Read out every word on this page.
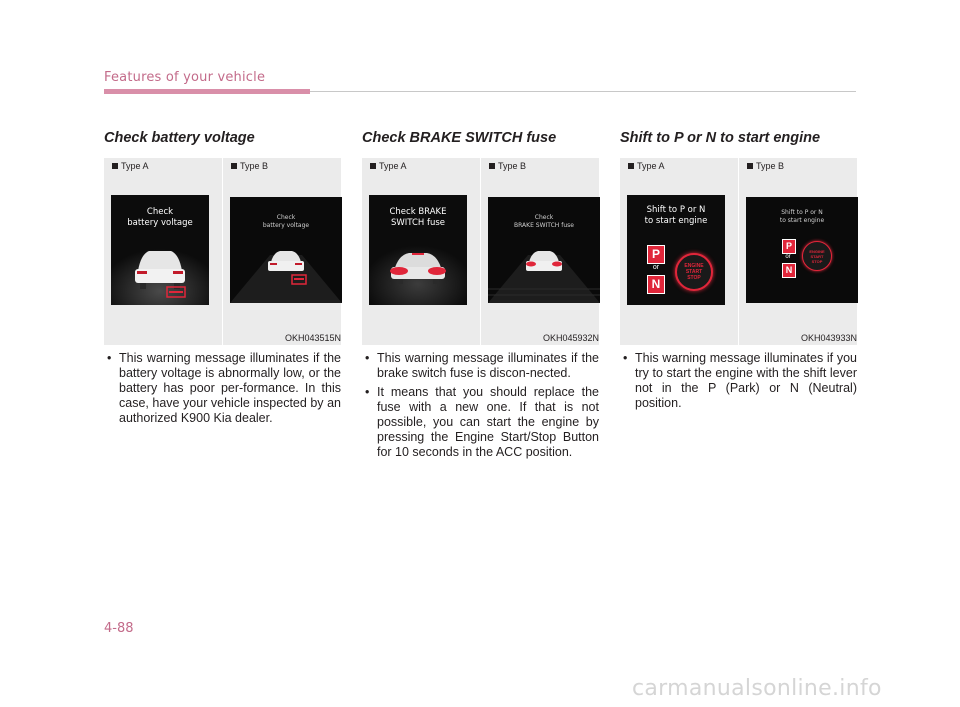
Features of your vehicle
Check battery voltage
Type A
Check
battery voltage
Type B
Check
battery voltage
OKH043515N
• This warning message illuminates if the battery voltage is abnormally low, or the battery has poor per-formance. In this case, have your vehicle inspected by an authorized K900 Kia dealer.
Check BRAKE SWITCH fuse
Type A
Check BRAKE
SWITCH fuse
Type B
Check
BRAKE SWITCH fuse
OKH045932N
• This warning message illuminates if the brake switch fuse is discon-nected.
• It means that you should replace the fuse with a new one. If that is not possible, you can start the engine by pressing the Engine Start/Stop Button for 10 seconds in the ACC position.
Shift to P or N to start engine
Type A
Shift to P or N
to start engine
P
or
N
ENGINE
START
STOP
Type B
Shift to P or N
to start engine
P
or
N
ENGINE
START
STOP
OKH043933N
• This warning message illuminates if you try to start the engine with the shift lever not in the P (Park) or N (Neutral) position.
4-88
carmanualsonline.info
